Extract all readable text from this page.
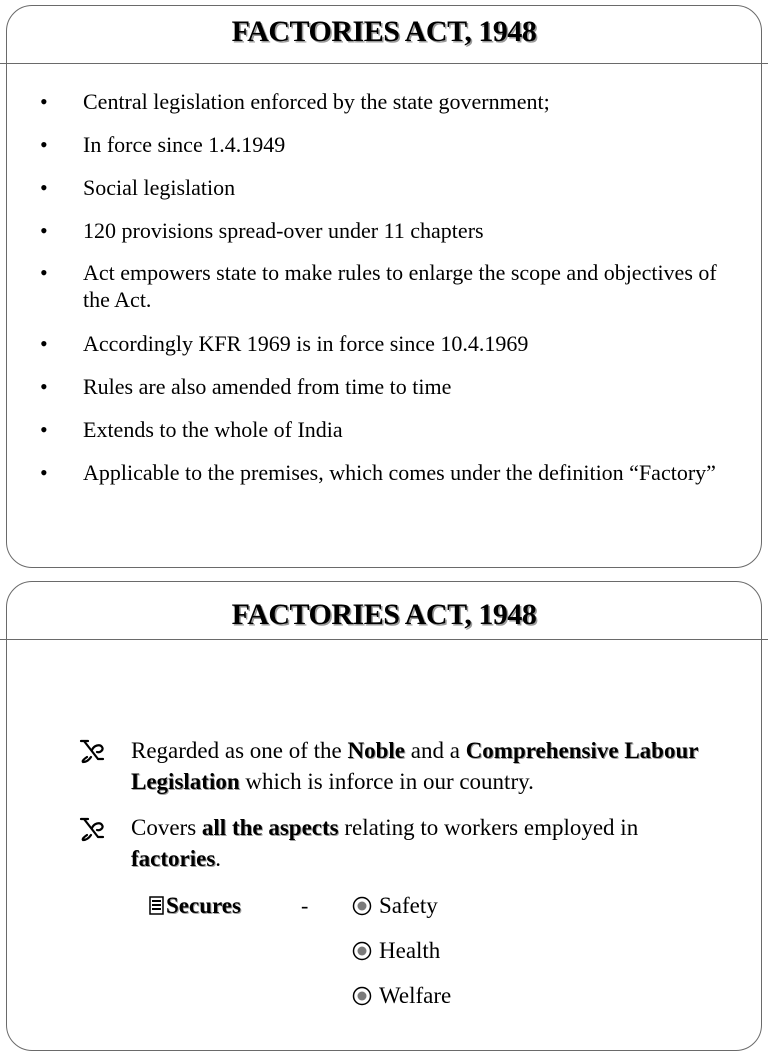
FACTORIES ACT, 1948
• Central legislation enforced by the state government;
• In force since 1.4.1949
• Social legislation
• 120 provisions spread-over under 11 chapters
• Act empowers state to make rules to enlarge the scope and objectives of the Act.
• Accordingly KFR 1969 is in force since 10.4.1969
• Rules are also amended from time to time
• Extends to the whole of India
• Applicable to the premises, which comes under the definition “Factory”
FACTORIES ACT, 1948
Regarded as one of the Noble and a Comprehensive Labour Legislation which is inforce in our country.
Covers all the aspects relating to workers employed in factories.
Secures	-	Safety
Health
Welfare
